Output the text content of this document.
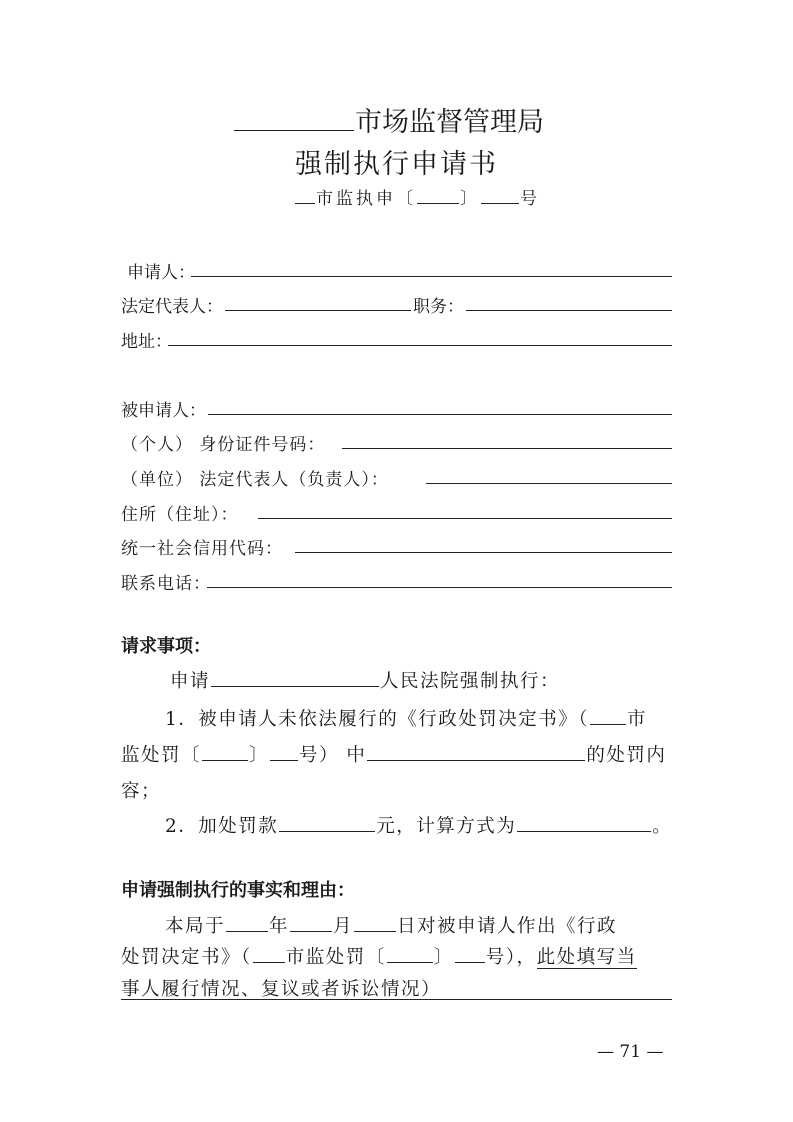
市场监督管理局
强制执行申请书
市监执申〔	〕 号
申请人：
法定代表人：	职务：
地址：
被申请人：
（个人） 身份证件号码：
（单位） 法定代表人（负责人）：
住所（住址）：
统一社会信用代码：
联系电话：
请求事项：
申请	人民法院强制执行：
1．被申请人未依法履行的《行政处罚决定书》（ 市
监处罚〔	〕 号） 中	的处罚内
容；
2．加处罚款	元，计算方式为	。
申请强制执行的事实和理由：
本局于 年 月 日对被申请人作出《行政
处罚决定书》（ 市监处罚〔	〕 号），此处填写当
事人履行情况、复议或者诉讼情况）
— 71 —
